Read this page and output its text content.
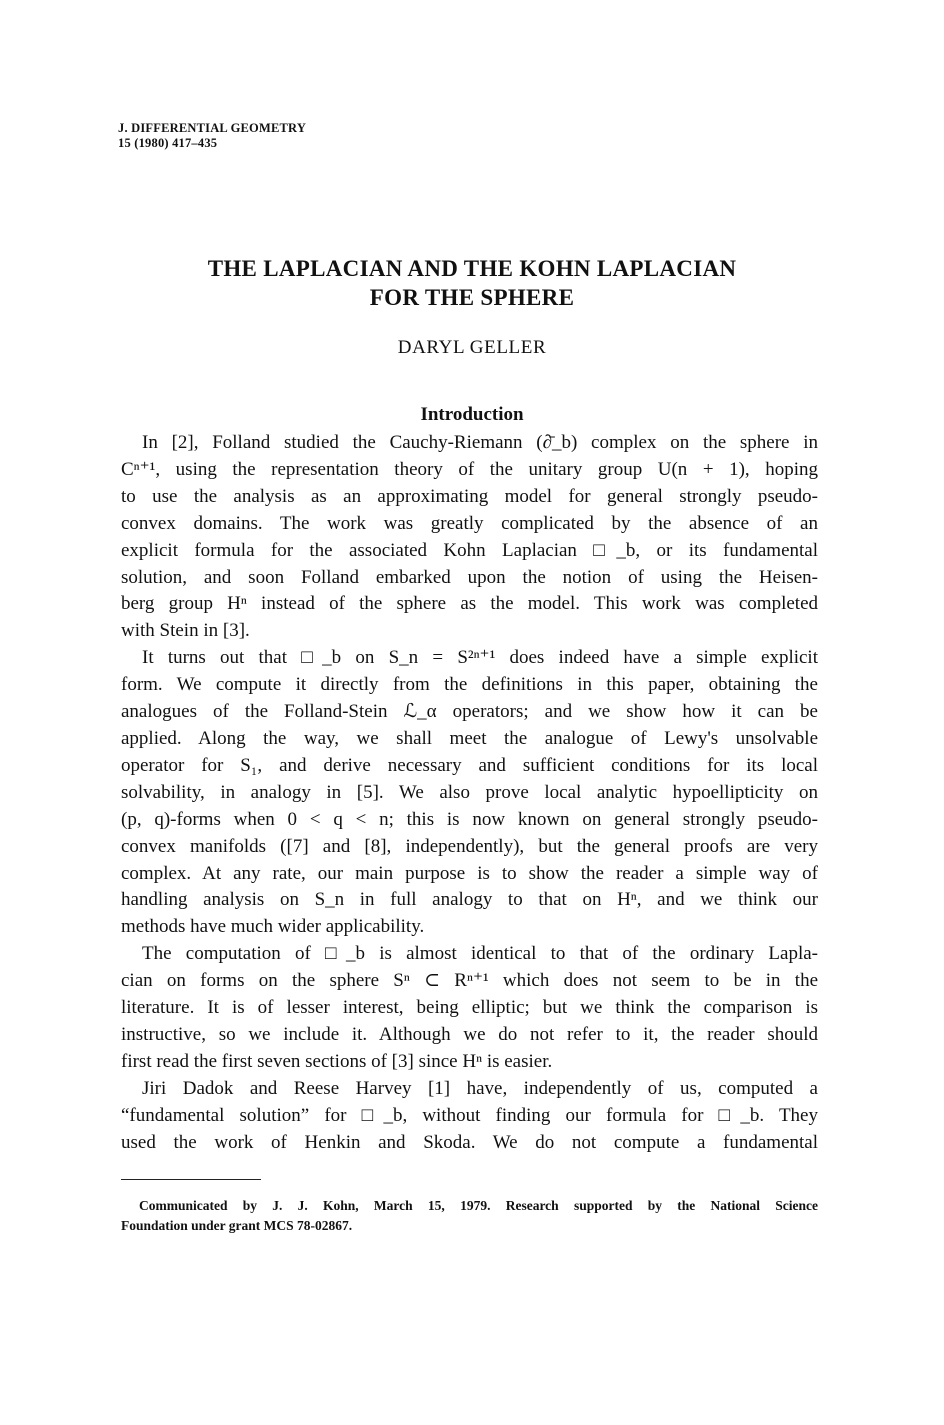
J. DIFFERENTIAL GEOMETRY
15 (1980) 417–435
THE LAPLACIAN AND THE KOHN LAPLACIAN
FOR THE SPHERE
DARYL GELLER
Introduction

In [2], Folland studied the Cauchy-Riemann (∂̄_b) complex on the sphere in
Cⁿ⁺¹, using the representation theory of the unitary group U(n + 1), hoping
to use the analysis as an approximating model for general strongly pseudo-
convex domains. The work was greatly complicated by the absence of an
explicit formula for the associated Kohn Laplacian □_b, or its fundamental
solution, and soon Folland embarked upon the notion of using the Heisen-
berg group Hⁿ instead of the sphere as the model. This work was completed
with Stein in [3].

It turns out that □_b on S_n = S²ⁿ⁺¹ does indeed have a simple explicit
form. We compute it directly from the definitions in this paper, obtaining the
analogues of the Folland-Stein ℒ_α operators; and we show how it can be
applied. Along the way, we shall meet the analogue of Lewy's unsolvable
operator for S₁, and derive necessary and sufficient conditions for its local
solvability, in analogy in [5]. We also prove local analytic hypoellipticity on
(p, q)-forms when 0 < q < n; this is now known on general strongly pseudo-
convex manifolds ([7] and [8], independently), but the general proofs are very
complex. At any rate, our main purpose is to show the reader a simple way of
handling analysis on S_n in full analogy to that on Hⁿ, and we think our
methods have much wider applicability.

The computation of □_b is almost identical to that of the ordinary Lapla-
cian on forms on the sphere Sⁿ ⊂ Rⁿ⁺¹ which does not seem to be in the
literature. It is of lesser interest, being elliptic; but we think the comparison is
instructive, so we include it. Although we do not refer to it, the reader should
first read the first seven sections of [3] since Hⁿ is easier.

Jiri Dadok and Reese Harvey [1] have, independently of us, computed a
“fundamental solution” for □_b, without finding our formula for □_b. They
used the work of Henkin and Skoda. We do not compute a fundamental

Communicated by J. J. Kohn, March 15, 1979. Research supported by the National Science
Foundation under grant MCS 78-02867.
